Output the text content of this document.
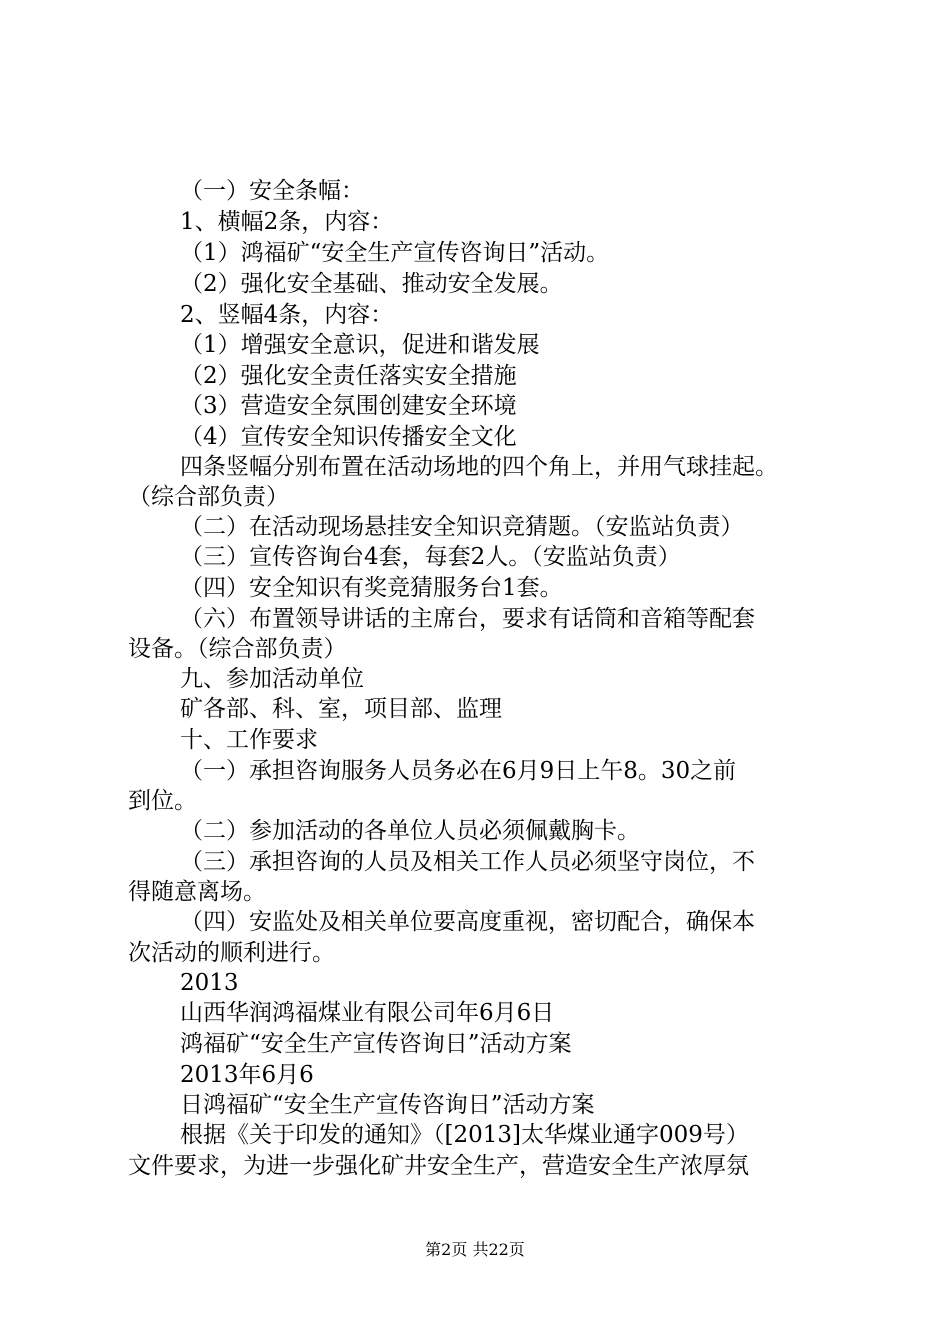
（一）安全条幅：
1、横幅2条，内容：
（1）鸿福矿“安全生产宣传咨询日”活动。
（2）强化安全基础、推动安全发展。
2、竖幅4条，内容：
（1）增强安全意识，促进和谐发展
（2）强化安全责任落实安全措施
（3）营造安全氛围创建安全环境
（4）宣传安全知识传播安全文化
四条竖幅分别布置在活动场地的四个角上，并用气球挂起。
（综合部负责）
（二）在活动现场悬挂安全知识竞猜题。（安监站负责）
（三）宣传咨询台4套，每套2人。（安监站负责）
（四）安全知识有奖竞猜服务台1套。
（六）布置领导讲话的主席台，要求有话筒和音箱等配套
设备。（综合部负责）
九、参加活动单位
矿各部、科、室，项目部、监理
十、工作要求
（一）承担咨询服务人员务必在6月9日上午8。30之前
到位。
（二）参加活动的各单位人员必须佩戴胸卡。
（三）承担咨询的人员及相关工作人员必须坚守岗位，不
得随意离场。
（四）安监处及相关单位要高度重视，密切配合，确保本
次活动的顺利进行。
2013
山西华润鸿福煤业有限公司年6月6日
鸿福矿“安全生产宣传咨询日”活动方案
2013年6月6
日鸿福矿“安全生产宣传咨询日”活动方案
根据《关于印发的通知》（[2013]太华煤业通字009号）
文件要求，为进一步强化矿井安全生产，营造安全生产浓厚氛
第2页 共22页
